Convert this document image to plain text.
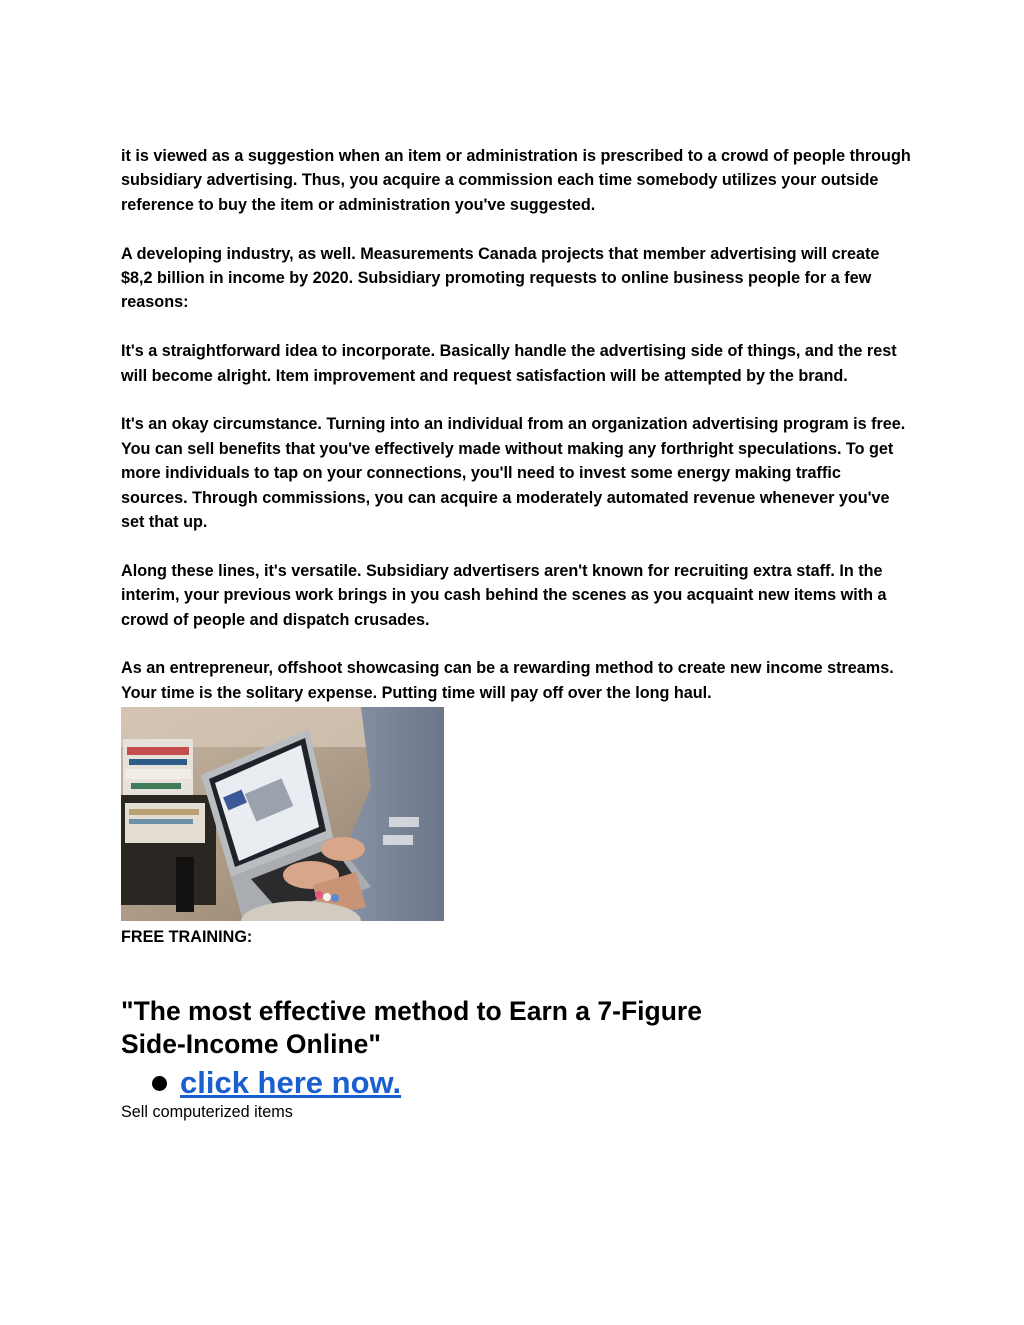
it is viewed as a suggestion when an item or administration is prescribed to a crowd of people through subsidiary advertising. Thus, you acquire a commission each time somebody utilizes your outside reference to buy the item or administration you've suggested.

A developing industry, as well. Measurements Canada projects that member advertising will create $8,2 billion in income by 2020. Subsidiary promoting requests to online business people for a few reasons:

It's a straightforward idea to incorporate. Basically handle the advertising side of things, and the rest will become alright. Item improvement and request satisfaction will be attempted by the brand.

It's an okay circumstance. Turning into an individual from an organization advertising program is free. You can sell benefits that you've effectively made without making any forthright speculations. To get more individuals to tap on your connections, you'll need to invest some energy making traffic sources. Through commissions, you can acquire a moderately automated revenue whenever you've set that up.

Along these lines, it's versatile. Subsidiary advertisers aren't known for recruiting extra staff. In the interim, your previous work brings in you cash behind the scenes as you acquaint new items with a crowd of people and dispatch crusades.

As an entrepreneur, offshoot showcasing can be a rewarding method to create new income streams. Your time is the solitary expense. Putting time will pay off over the long haul.

FREE TRAINING:
"The most effective method to Earn a 7-Figure Side-Income Online"
click here now.
Sell computerized items
